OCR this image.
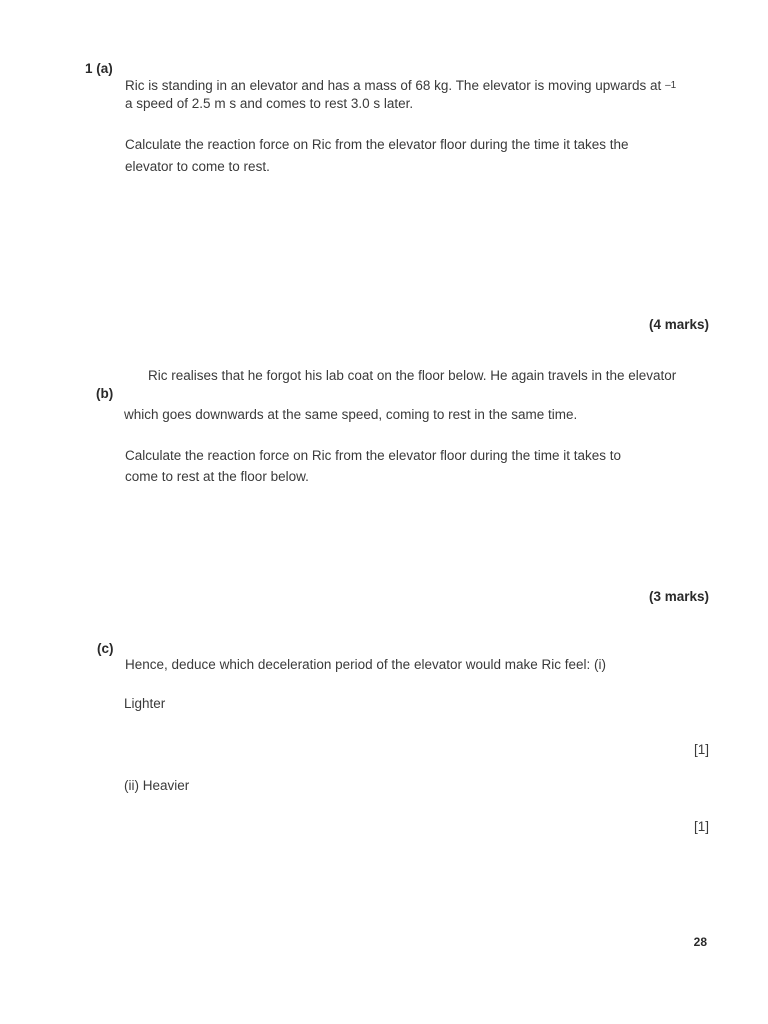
1 (a)
Ric is standing in an elevator and has a mass of 68 kg. The elevator is moving upwards at $^{-1}$
a speed of 2.5 m s and comes to rest 3.0 s later.
Calculate the reaction force on Ric from the elevator floor during the time it takes the
elevator to come to rest.
(4 marks)
Ric realises that he forgot his lab coat on the floor below. He again travels in the elevator
(b)
which goes downwards at the same speed, coming to rest in the same time.
Calculate the reaction force on Ric from the elevator floor during the time it takes to
come to rest at the floor below.
(3 marks)
(c)
Hence, deduce which deceleration period of the elevator would make Ric feel: (i)
Lighter
[1]
(ii) Heavier
[1]
28
